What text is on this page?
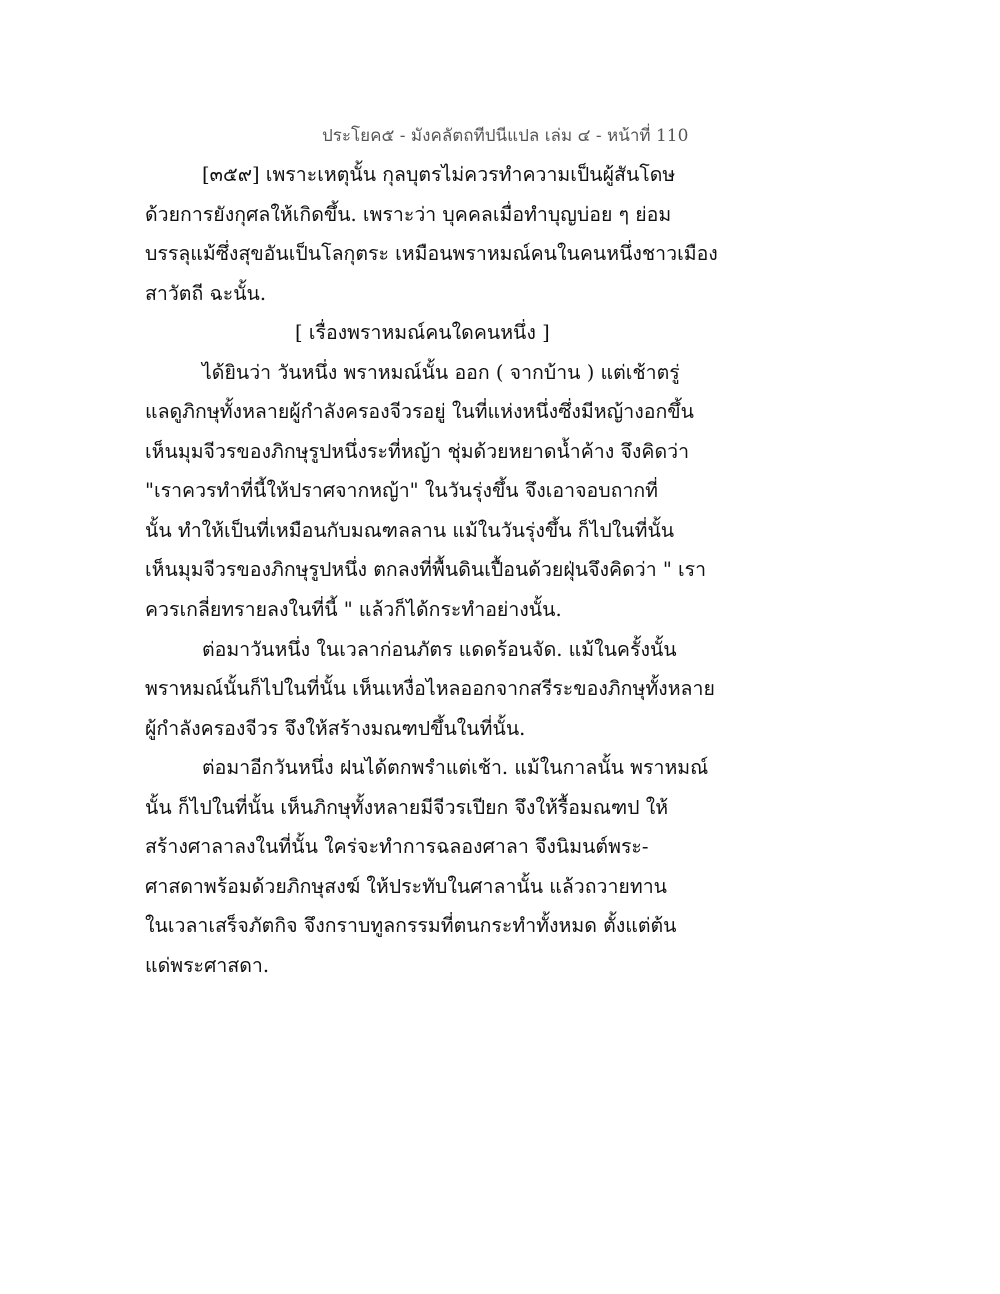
ประโยค๕ - มังคลัตถทีปนีแปล เล่ม ๔ - หน้าที่ 110
[๓๕๙] เพราะเหตุนั้น กุลบุตรไม่ควรทำความเป็นผู้สันโดษ
ด้วยการยังกุศลให้เกิดขึ้น. เพราะว่า บุคคลเมื่อทำบุญบ่อย ๆ ย่อม
บรรลุแม้ซึ่งสุขอันเป็นโลกุตระ เหมือนพราหมณ์คนในคนหนึ่งชาวเมือง
สาวัตถี ฉะนั้น.
[ เรื่องพราหมณ์คนใดคนหนึ่ง ]
ได้ยินว่า วันหนึ่ง พราหมณ์นั้น ออก ( จากบ้าน ) แต่เช้าตรู่
แลดูภิกษุทั้งหลายผู้กำลังครองจีวรอยู่ ในที่แห่งหนึ่งซึ่งมีหญ้างอกขึ้น
เห็นมุมจีวรของภิกษุรูปหนึ่งระที่หญ้า ชุ่มด้วยหยาดน้ำค้าง จึงคิดว่า
"เราควรทำที่นี้ให้ปราศจากหญ้า" ในวันรุ่งขึ้น จึงเอาจอบถากที่
นั้น ทำให้เป็นที่เหมือนกับมณฑลลาน แม้ในวันรุ่งขึ้น ก็ไปในที่นั้น
เห็นมุมจีวรของภิกษุรูปหนึ่ง ตกลงที่พื้นดินเปื้อนด้วยฝุ่นจึงคิดว่า " เรา
ควรเกลี่ยทรายลงในที่นี้ " แล้วก็ได้กระทำอย่างนั้น.
ต่อมาวันหนึ่ง ในเวลาก่อนภัตร แดดร้อนจัด. แม้ในครั้งนั้น
พราหมณ์นั้นก็ไปในที่นั้น เห็นเหงื่อไหลออกจากสรีระของภิกษุทั้งหลาย
ผู้กำลังครองจีวร จึงให้สร้างมณฑปขึ้นในที่นั้น.
ต่อมาอีกวันหนึ่ง ฝนได้ตกพรำแต่เช้า. แม้ในกาลนั้น พราหมณ์
นั้น ก็ไปในที่นั้น เห็นภิกษุทั้งหลายมีจีวรเปียก จึงให้รื้อมณฑป ให้
สร้างศาลาลงในที่นั้น ใคร่จะทำการฉลองศาลา จึงนิมนต์พระ-
ศาสดาพร้อมด้วยภิกษุสงฆ์ ให้ประทับในศาลานั้น แล้วถวายทาน
ในเวลาเสร็จภัตกิจ จึงกราบทูลกรรมที่ตนกระทำทั้งหมด ตั้งแต่ต้น
แด่พระศาสดา.
